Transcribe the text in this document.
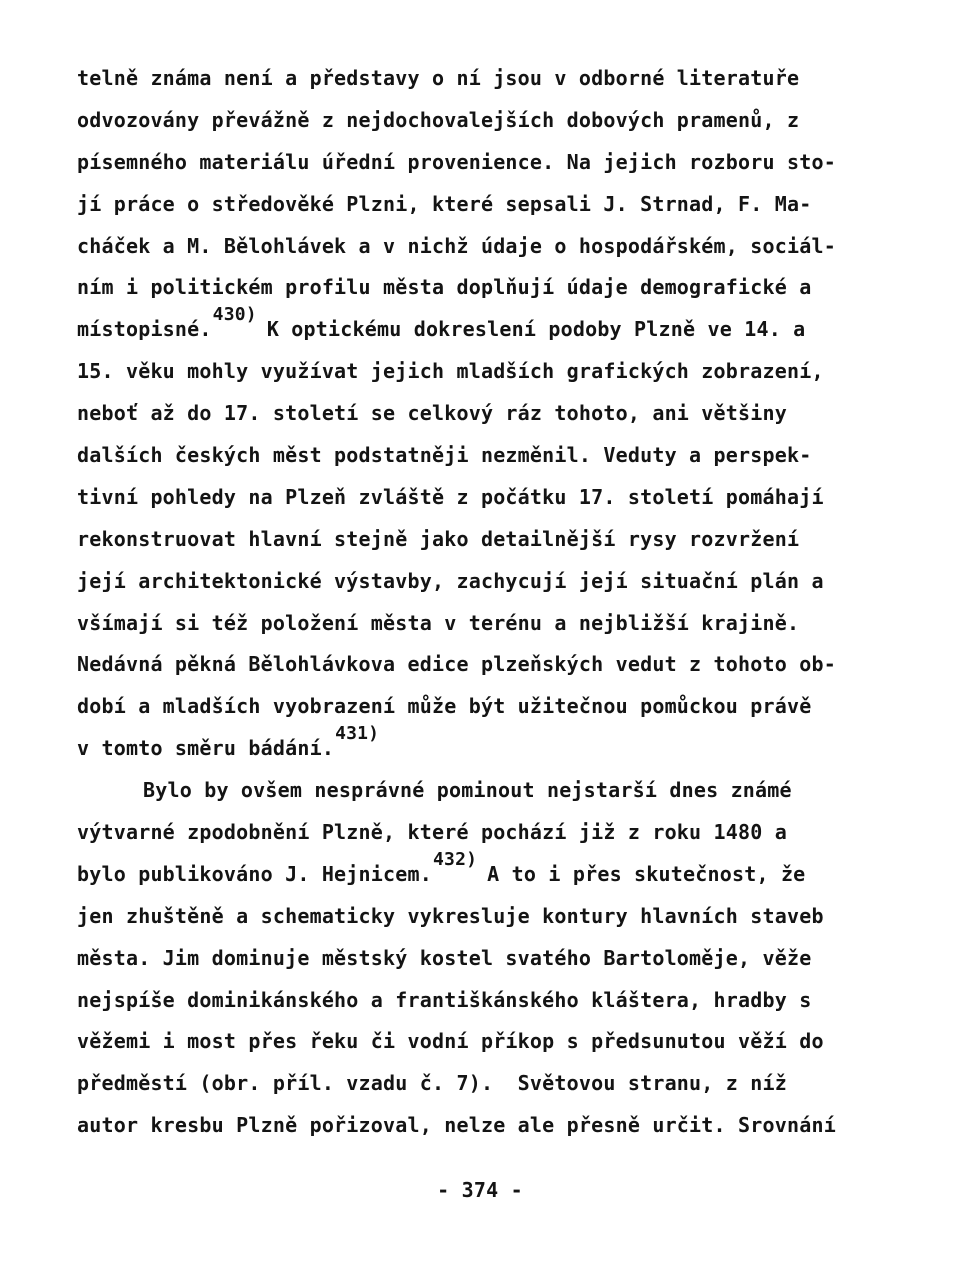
telně známa není a představy o ní jsou v odborné literatuře
odvozovány převážně z nejdochovalejších dobových pramenů, z
písemného materiálu úřední provenience. Na jejich rozboru sto-
jí práce o středověké Plzni, které sepsali J. Strnad, F. Ma-
cháček a M. Bělohlávek a v nichž údaje o hospodářském, sociál-
ním i politickém profilu města doplňují údaje demografické a
místopisné.430)K optickému dokreslení podoby Plzně ve 14. a
15. věku mohly využívat jejich mladších grafických zobrazení,
neboť až do 17. století se celkový ráz tohoto, ani většiny
dalších českých měst podstatněji nezměnil. Veduty a perspek-
tivní pohledy na Plzeň zvláště z počátku 17. století pomáhají
rekonstruovat hlavní stejně jako detailnější rysy rozvržení
její architektonické výstavby, zachycují její situační plán a
všímají si též položení města v terénu a nejbližší krajině.
Nedávná pěkná Bělohlávkova edice plzeňských vedut z tohoto ob-
dobí a mladších vyobrazení může být užitečnou pomůckou právě
v tomto směru bádání.431)
Bylo by ovšem nesprávné pominout nejstarší dnes známé
výtvarné zpodobnění Plzně, které pochází již z roku 1480 a
bylo publikováno J. Hejnicem.432)A to i přes skutečnost, že
jen zhuštěně a schematicky vykresluje kontury hlavních staveb
města. Jim dominuje městský kostel svatého Bartoloměje, věže
nejspíše dominikánského a františkánského kláštera, hradby s
věžemi i most přes řeku či vodní příkop s předsunutou věží do
předměstí (obr. příl. vzadu č. 7).  Světovou stranu, z níž
autor kresbu Plzně pořizoval, nelze ale přesně určit. Srovnání
- 374 -
